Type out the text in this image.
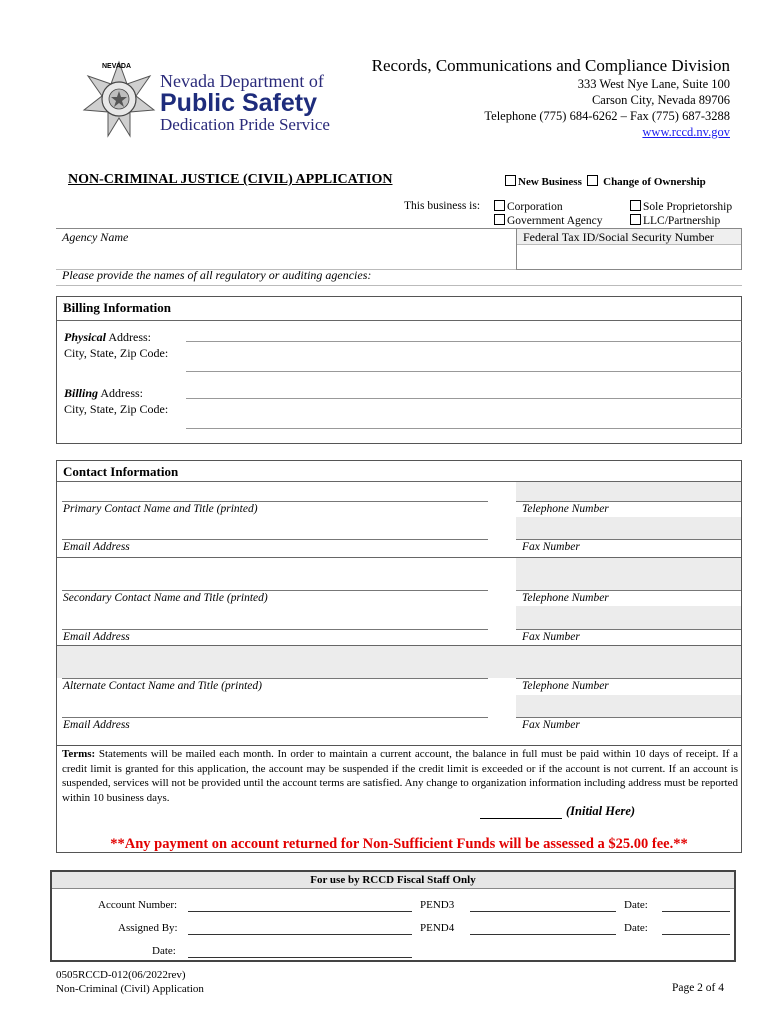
NEVADA
Nevada Department of
Public Safety
Dedication Pride Service
Records, Communications and Compliance Division
333 West Nye Lane, Suite 100
Carson City, Nevada 89706
Telephone (775) 684-6262 – Fax (775) 687-3288
www.rccd.nv.gov
NON-CRIMINAL JUSTICE (CIVIL) APPLICATION	New Business Change of Ownership
This business is:	Corporation
Government Agency
Sole Proprietorship
LLC/Partnership
Agency Name	Federal Tax ID/Social Security Number
Please provide the names of all regulatory or auditing agencies:
Billing Information
Physical Address:
City, State, Zip Code:
Billing Address:
City, State, Zip Code:
Contact Information
Primary Contact Name and Title (printed)	Telephone Number
Email Address	Fax Number
Secondary Contact Name and Title (printed)	Telephone Number
Email Address	Fax Number
Alternate Contact Name and Title (printed)	Telephone Number
Email Address	Fax Number
Terms: Statements will be mailed each month. In order to maintain a current account, the balance in full must be paid within 10 days of receipt. If a credit limit is granted for this application, the account may be suspended if the credit limit is exceeded or if the account is not current. If an account is suspended, services will not be provided until the account terms are satisfied. Any change to organization information including address must be reported within 10 business days.
(Initial Here)
**Any payment on account returned for Non-Sufficient Funds will be assessed a $25.00 fee.**
For use by RCCD Fiscal Staff Only
Account Number:	PEND3	Date:
Assigned By:	PEND4	Date:
Date:
0505RCCD-012(06/2022rev)
Non-Criminal (Civil) Application	Page 2 of 4
